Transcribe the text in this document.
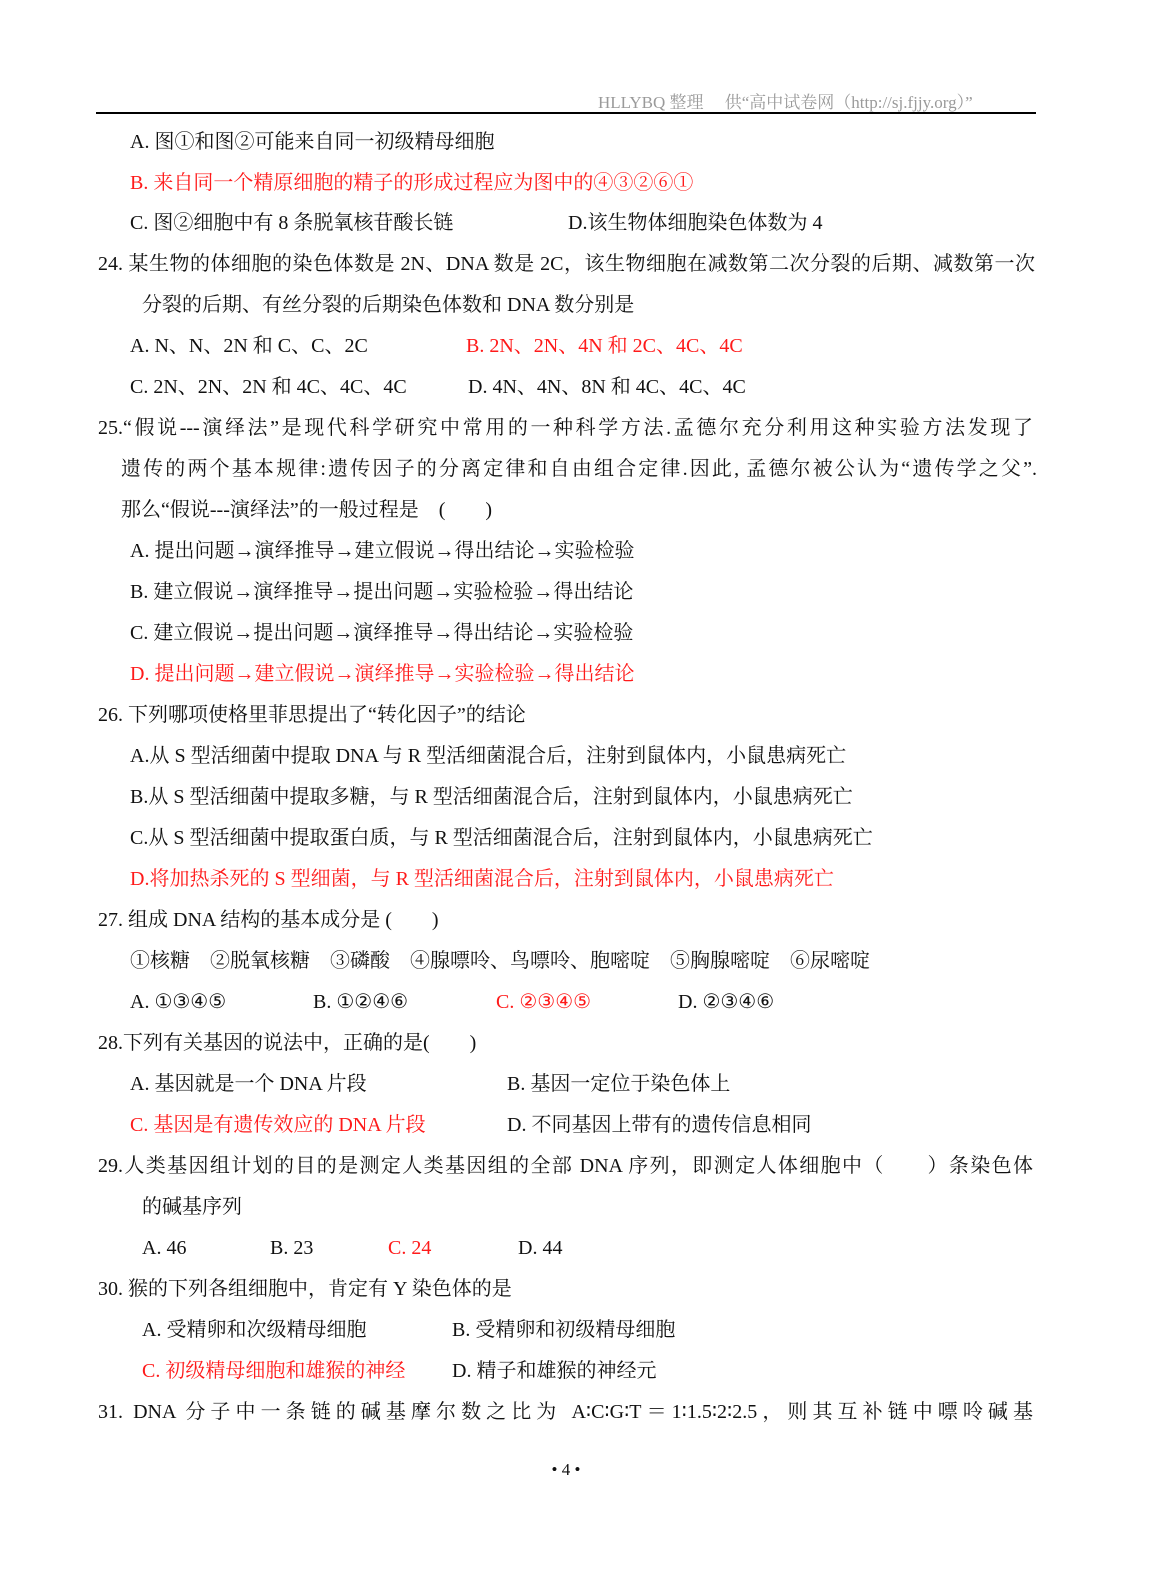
HLLYBQ 整理　 供“高中试卷网（http://sj.fjjy.org）”
A. 图①和图②可能来自同一初级精母细胞
B. 来自同一个精原细胞的精子的形成过程应为图中的④③②⑥①
C. 图②细胞中有 8 条脱氧核苷酸长链	D.该生物体细胞染色体数为 4
24. 某生物的体细胞的染色体数是 2N、DNA 数是 2C，该生物细胞在减数第二次分裂的后期、减数第一次
分裂的后期、有丝分裂的后期染色体数和 DNA 数分别是
A. N、N、2N 和 C、C、2C	B. 2N、2N、4N 和 2C、4C、4C
C. 2N、2N、2N 和 4C、4C、4C	D. 4N、4N、8N 和 4C、4C、4C
25.“假说---演绎法”是现代科学研究中常用的一种科学方法.孟德尔充分利用这种实验方法发现了
遗传的两个基本规律:遗传因子的分离定律和自由组合定律.因此, 孟德尔被公认为“遗传学之父”.
那么“假说---演绎法”的一般过程是　(　　)
A. 提出问题→演绎推导→建立假说→得出结论→实验检验
B. 建立假说→演绎推导→提出问题→实验检验→得出结论
C. 建立假说→提出问题→演绎推导→得出结论→实验检验
D. 提出问题→建立假说→演绎推导→实验检验→得出结论
26. 下列哪项使格里菲思提出了“转化因子”的结论
A.从 S 型活细菌中提取 DNA 与 R 型活细菌混合后，注射到鼠体内，小鼠患病死亡
B.从 S 型活细菌中提取多糖，与 R 型活细菌混合后，注射到鼠体内，小鼠患病死亡
C.从 S 型活细菌中提取蛋白质，与 R 型活细菌混合后，注射到鼠体内，小鼠患病死亡
D.将加热杀死的 S 型细菌，与 R 型活细菌混合后，注射到鼠体内，小鼠患病死亡
27. 组成 DNA 结构的基本成分是 (　　)
①核糖　②脱氧核糖　③磷酸　④腺嘌呤、鸟嘌呤、胞嘧啶　⑤胸腺嘧啶　⑥尿嘧啶
A. ①③④⑤	B. ①②④⑥	C. ②③④⑤	D. ②③④⑥
28.下列有关基因的说法中，正确的是(　　)
A. 基因就是一个 DNA 片段	B. 基因一定位于染色体上
C. 基因是有遗传效应的 DNA 片段	D. 不同基因上带有的遗传信息相同
29.人类基因组计划的目的是测定人类基因组的全部 DNA 序列，即测定人体细胞中（　　）条染色体
的碱基序列
A. 46	B. 23	C. 24	D. 44
30. 猴的下列各组细胞中，肯定有 Y 染色体的是
A. 受精卵和次级精母细胞	B. 受精卵和初级精母细胞
C. 初级精母细胞和雄猴的神经 D. 精子和雄猴的神经元
31. DNA 分子中一条链的碱基摩尔数之比为 A∶C∶G∶T＝1∶1.5∶2∶2.5，则其互补链中嘌呤碱基
• 4 •
